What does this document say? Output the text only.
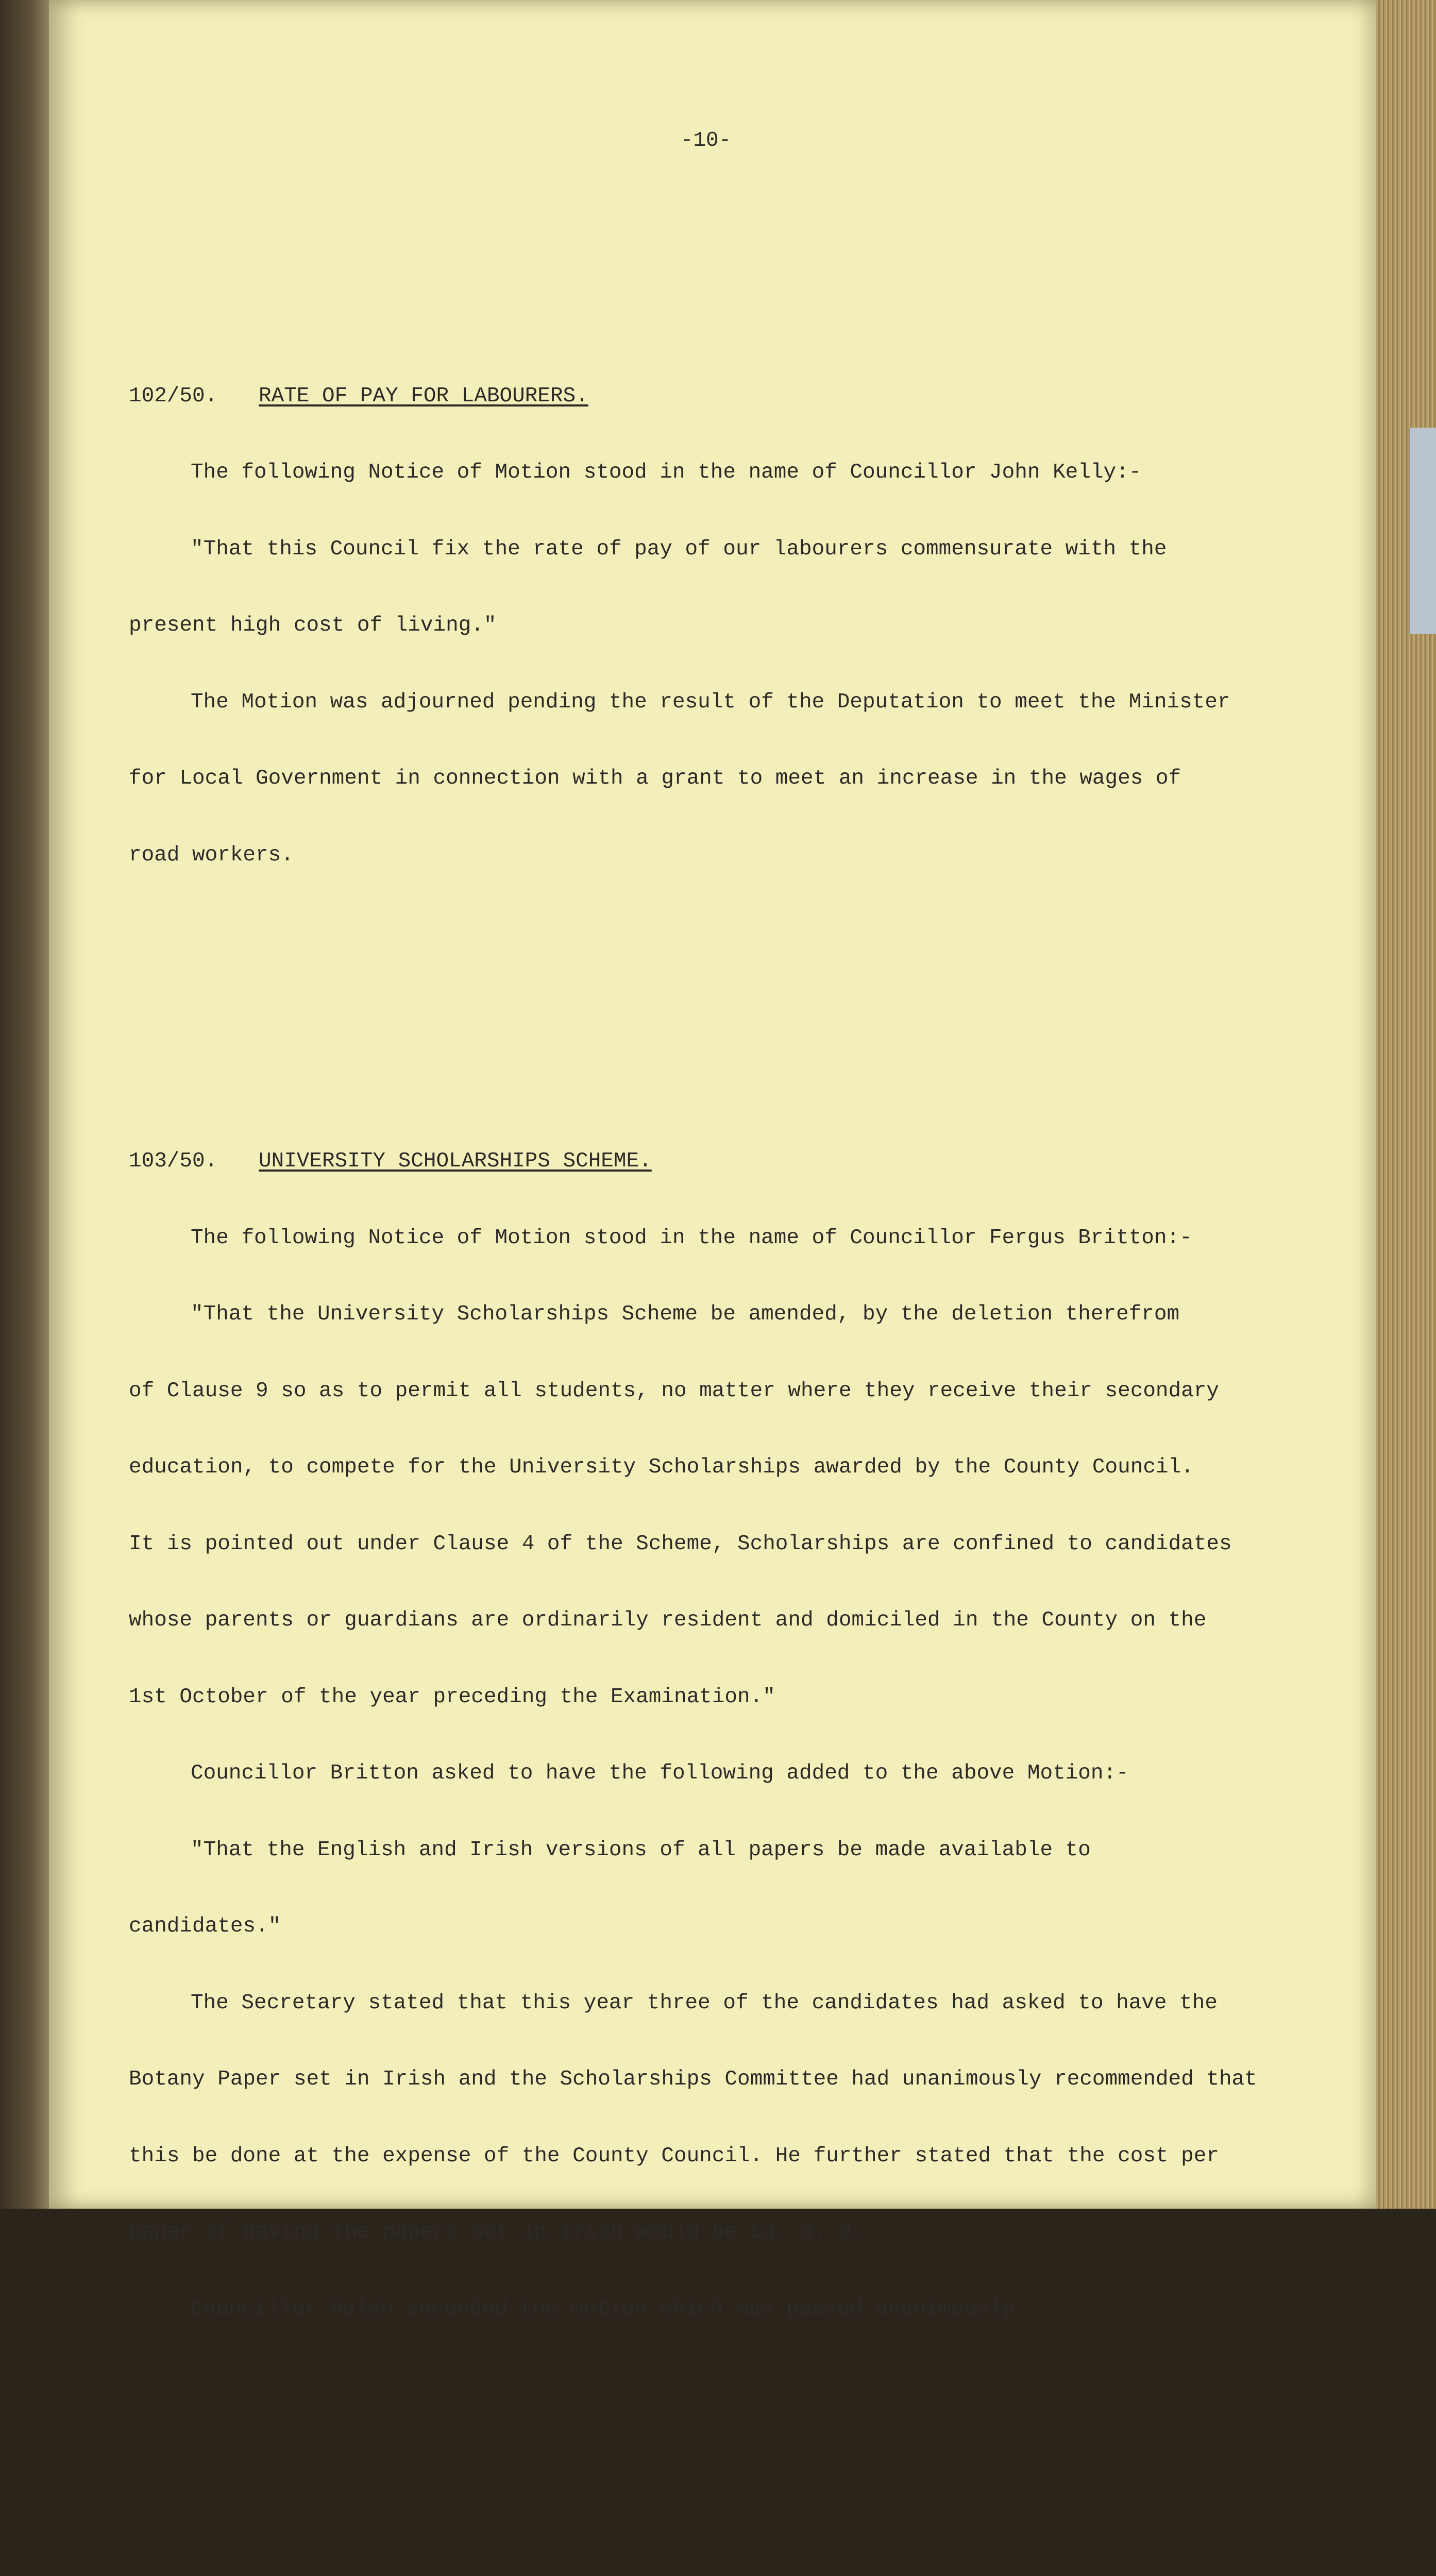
-10-

102/50. RATE OF PAY FOR LABOURERS.

The following Notice of Motion stood in the name of Councillor John Kelly:-

"That this Council fix the rate of pay of our labourers commensurate with the

present high cost of living."

The Motion was adjourned pending the result of the Deputation to meet the Minister

for Local Government in connection with a grant to meet an increase in the wages of

road workers.

103/50. UNIVERSITY SCHOLARSHIPS SCHEME.

The following Notice of Motion stood in the name of Councillor Fergus Britton:-

"That the University Scholarships Scheme be amended, by the deletion therefrom

of Clause 9 so as to permit all students, no matter where they receive their secondary

education, to compete for the University Scholarships awarded by the County Council.

It is pointed out under Clause 4 of the Scheme, Scholarships are confined to candidates

whose parents or guardians are ordinarily resident and domiciled in the County on the

1st October of the year preceding the Examination."

Councillor Britton asked to have the following added to the above Motion:-

"That the English and Irish versions of all papers be made available to

candidates."

The Secretary stated that this year three of the candidates had asked to have the

Botany Paper set in Irish and the Scholarships Committee had unanimously recommended that

this be done at the expense of the County Council. He further stated that the cost per

paper of having the papers set in Irish would be £3. 3. 0.

Councillor Walsh seconded the motion which was passed unanimously.
